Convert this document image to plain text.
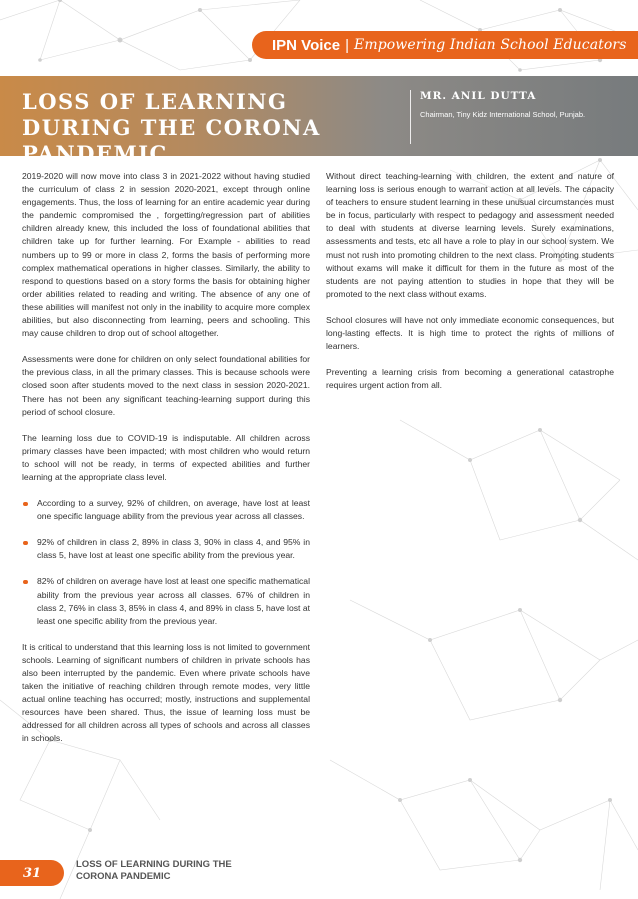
IPN Voice | Empowering Indian School Educators
LOSS OF LEARNING DURING THE CORONA PANDEMIC
MR. ANIL DUTTA
Chairman, Tiny Kidz International School, Punjab.

2019-2020 will now move into class 3 in 2021-2022 without having studied the curriculum of class 2 in session 2020-2021, except through online engagements. Thus, the loss of learning for an entire academic year during the pandemic compromised the , forgetting/regression part of abilities children already knew, this included the loss of foundational abilities that children take up for further learning. For Example - abilities to read numbers up to 99 or more in class 2, forms the basis of performing more complex mathematical operations in higher classes. Similarly, the ability to respond to questions based on a story forms the basis for obtaining higher order abilities related to reading and writing. The absence of any one of these abilities will manifest not only in the inability to acquire more complex abilities, but also disconnecting from learning, peers and schooling. This may cause children to drop out of school altogether.

Assessments were done for children on only select foundational abilities for the previous class, in all the primary classes. This is because schools were closed soon after students moved to the next class in session 2020-2021. There has not been any significant teaching-learning support during this period of school closure.

The learning loss due to COVID-19 is indisputable. All children across primary classes have been impacted; with most children who would return to school will not be ready, in terms of expected abilities and further learning at the appropriate class level.

According to a survey, 92% of children, on average, have lost at least one specific language ability from the previous year across all classes.
92% of children in class 2, 89% in class 3, 90% in class 4, and 95% in class 5, have lost at least one specific ability from the previous year.
82% of children on average have lost at least one specific mathematical ability from the previous year across all classes. 67% of children in class 2, 76% in class 3, 85% in class 4, and 89% in class 5, have lost at least one specific ability from the previous year.

It is critical to understand that this learning loss is not limited to government schools. Learning of significant numbers of children in private schools has also been interrupted by the pandemic. Even where private schools have taken the initiative of reaching children through remote modes, very little actual online teaching has occurred; mostly, instructions and supplemental resources have been shared. Thus, the issue of learning loss must be addressed for all children across all types of schools and across all classes in schools.

Without direct teaching-learning with children, the extent and nature of learning loss is serious enough to warrant action at all levels. The capacity of teachers to ensure student learning in these unusual circumstances must be in focus, particularly with respect to pedagogy and assessment needed to deal with students at diverse learning levels. Surely examinations, assessments and tests, etc all have a role to play in our school system. We must not rush into promoting children to the next class. Promoting students without exams will make it difficult for them in the future as most of the students are not paying attention to studies in hope that they will be promoted to the next class without exams.

School closures will have not only immediate economic consequences, but long-lasting effects. It is high time to protect the rights of millions of learners.

Preventing a learning crisis from becoming a generational catastrophe requires urgent action from all.

31
LOSS OF LEARNING DURING THE CORONA PANDEMIC
